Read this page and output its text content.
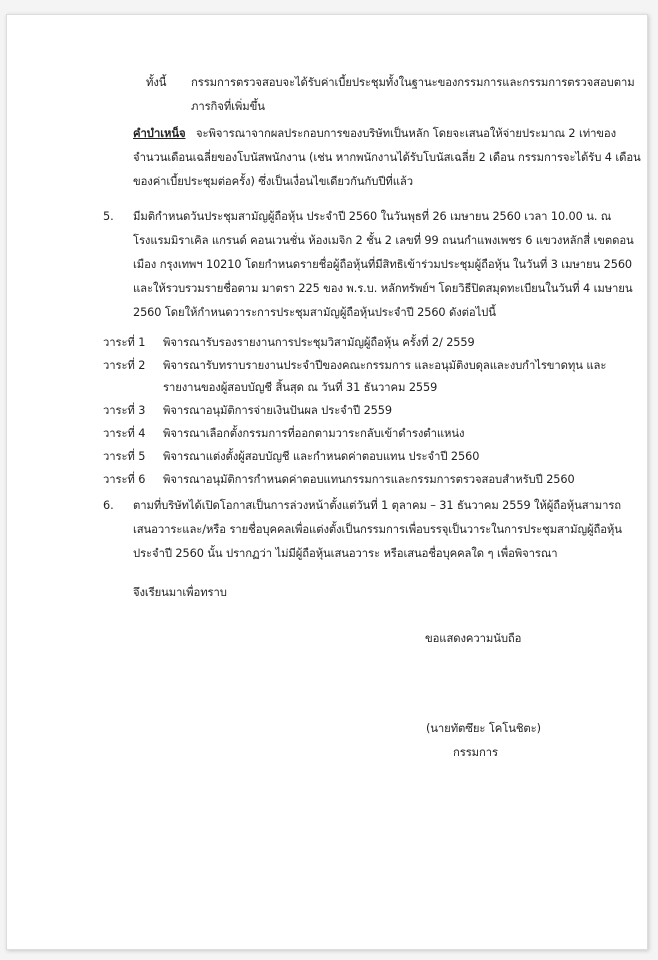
ทั้งนี้ กรรมการตรวจสอบจะได้รับค่าเบี้ยประชุมทั้งในฐานะของกรรมการและกรรมการตรวจสอบตาม
ภารกิจที่เพิ่มขึ้น
คำบำเหน็จ จะพิจารณาจากผลประกอบการของบริษัทเป็นหลัก โดยจะเสนอให้จ่ายประมาณ 2 เท่าของ
จำนวนเดือนเฉลี่ยของโบนัสพนักงาน (เช่น หากพนักงานได้รับโบนัสเฉลี่ย 2 เดือน กรรมการจะได้รับ 4 เดือน
ของค่าเบี้ยประชุมต่อครั้ง) ซึ่งเป็นเงื่อนไขเดียวกันกับปีที่แล้ว
5. มีมติกำหนดวันประชุมสามัญผู้ถือหุ้น ประจำปี 2560 ในวันพุธที่ 26 เมษายน 2560 เวลา 10.00 น. ณ
โรงแรมมิราเคิล แกรนด์ คอนเวนชั่น ห้องเมจิก 2 ชั้น 2 เลขที่ 99 ถนนกำแพงเพชร 6 แขวงหลักสี่ เขตดอน
เมือง กรุงเทพฯ 10210 โดยกำหนดรายชื่อผู้ถือหุ้นที่มีสิทธิเข้าร่วมประชุมผู้ถือหุ้น ในวันที่ 3 เมษายน 2560
และให้รวบรวมรายชื่อตาม มาตรา 225 ของ พ.ร.บ. หลักทรัพย์ฯ โดยวิธีปิดสมุดทะเบียนในวันที่ 4 เมษายน
2560 โดยให้กำหนดวาระการประชุมสามัญผู้ถือหุ้นประจำปี 2560 ดังต่อไปนี้
วาระที่ 1 พิจารณารับรองรายงานการประชุมวิสามัญผู้ถือหุ้น ครั้งที่ 2/ 2559
วาระที่ 2 พิจารณารับทราบรายงานประจำปีของคณะกรรมการ และอนุมัติงบดุลและงบกำไรขาดทุน และ
รายงานของผู้สอบบัญชี สิ้นสุด ณ วันที่ 31 ธันวาคม 2559
วาระที่ 3 พิจารณาอนุมัติการจ่ายเงินปันผล ประจำปี 2559
วาระที่ 4 พิจารณาเลือกตั้งกรรมการที่ออกตามวาระกลับเข้าดำรงตำแหน่ง
วาระที่ 5 พิจารณาแต่งตั้งผู้สอบบัญชี และกำหนดค่าตอบแทน ประจำปี 2560
วาระที่ 6 พิจารณาอนุมัติการกำหนดค่าตอบแทนกรรมการและกรรมการตรวจสอบสำหรับปี 2560
6. ตามที่บริษัทได้เปิดโอกาสเป็นการล่วงหน้าตั้งแต่วันที่ 1 ตุลาคม – 31 ธันวาคม 2559 ให้ผู้ถือหุ้นสามารถ
เสนอวาระและ/หรือ รายชื่อบุคคลเพื่อแต่งตั้งเป็นกรรมการเพื่อบรรจุเป็นวาระในการประชุมสามัญผู้ถือหุ้น
ประจำปี 2560 นั้น ปรากฏว่า ไม่มีผู้ถือหุ้นเสนอวาระ หรือเสนอชื่อบุคคลใด ๆ เพื่อพิจารณา
จึงเรียนมาเพื่อทราบ
ขอแสดงความนับถือ
(นายทัตซึยะ โคโนชิตะ)
กรรมการ
